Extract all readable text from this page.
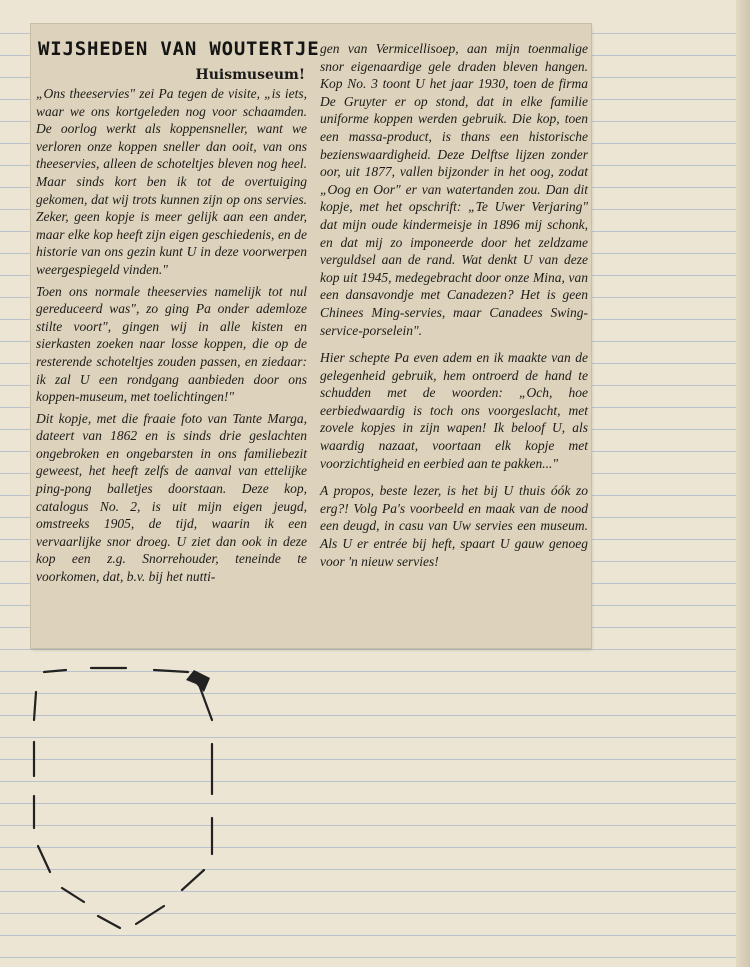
WIJSHEDEN VAN WOUTERTJE
Huismuseum!

„Ons theeservies" zei Pa tegen de visite, „is iets, waar we ons kortgeleden nog voor schaamden. De oorlog werkt als koppensneller, want we verloren onze koppen sneller dan ooit, van ons theeservies, alleen de schoteltjes bleven nog heel. Maar sinds kort ben ik tot de overtuiging gekomen, dat wij trots kunnen zijn op ons servies. Zeker, geen kopje is meer gelijk aan een ander, maar elke kop heeft zijn eigen geschiedenis, en de historie van ons gezin kunt U in deze voorwerpen weergespiegeld vinden."

Toen ons normale theeservies namelijk tot nul gereduceerd was", zo ging Pa onder ademloze stilte voort", gingen wij in alle kisten en sierkasten zoeken naar losse koppen, die op de resterende schoteltjes zouden passen, en ziedaar: ik zal U een rondgang aanbieden door ons koppen-museum, met toelichtingen!"

Dit kopje, met die fraaie foto van Tante Marga, dateert van 1862 en is sinds drie geslachten ongebroken en ongebarsten in ons familiebezit geweest, het heeft zelfs de aanval van ettelijke ping-pong balletjes doorstaan. Deze kop, catalogus No. 2, is uit mijn eigen jeugd, omstreeks 1905, de tijd, waarin ik een vervaarlijke snor droeg. U ziet dan ook in deze kop een z.g. Snorrehouder, teneinde te voorkomen, dat, b.v. bij het nutti-

gen van Vermicellisoep, aan mijn toenmalige snor eigenaardige gele draden bleven hangen. Kop No. 3 toont U het jaar 1930, toen de firma De Gruyter er op stond, dat in elke familie uniforme koppen werden gebruik. Die kop, toen een massa-product, is thans een historische bezienswaardigheid. Deze Delftse lijzen zonder oor, uit 1877, vallen bijzonder in het oog, zodat „Oog en Oor" er van watertanden zou. Dan dit kopje, met het opschrift: „Te Uwer Verjaring" dat mijn oude kindermeisje in 1896 mij schonk, en dat mij zo imponeerde door het zeldzame verguldsel aan de rand. Wat denkt U van deze kop uit 1945, medegebracht door onze Mina, van een dansavondje met Canadezen? Het is geen Chinees Ming-servies, maar Canadees Swing-service-porselein".

Hier schepte Pa even adem en ik maakte van de gelegenheid gebruik, hem ontroerd de hand te schudden met de woorden: „Och, hoe eerbiedwaardig is toch ons voorgeslacht, met zovele kopjes in zijn wapen! Ik beloof U, als waardig nazaat, voortaan elk kopje met voorzichtigheid en eerbied aan te pakken..."

A propos, beste lezer, is het bij U thuis óók zo erg?! Volg Pa's voorbeeld en maak van de nood een deugd, in casu van Uw servies een museum. Als U er entrée bij heft, spaart U gauw genoeg voor 'n nieuw servies!
